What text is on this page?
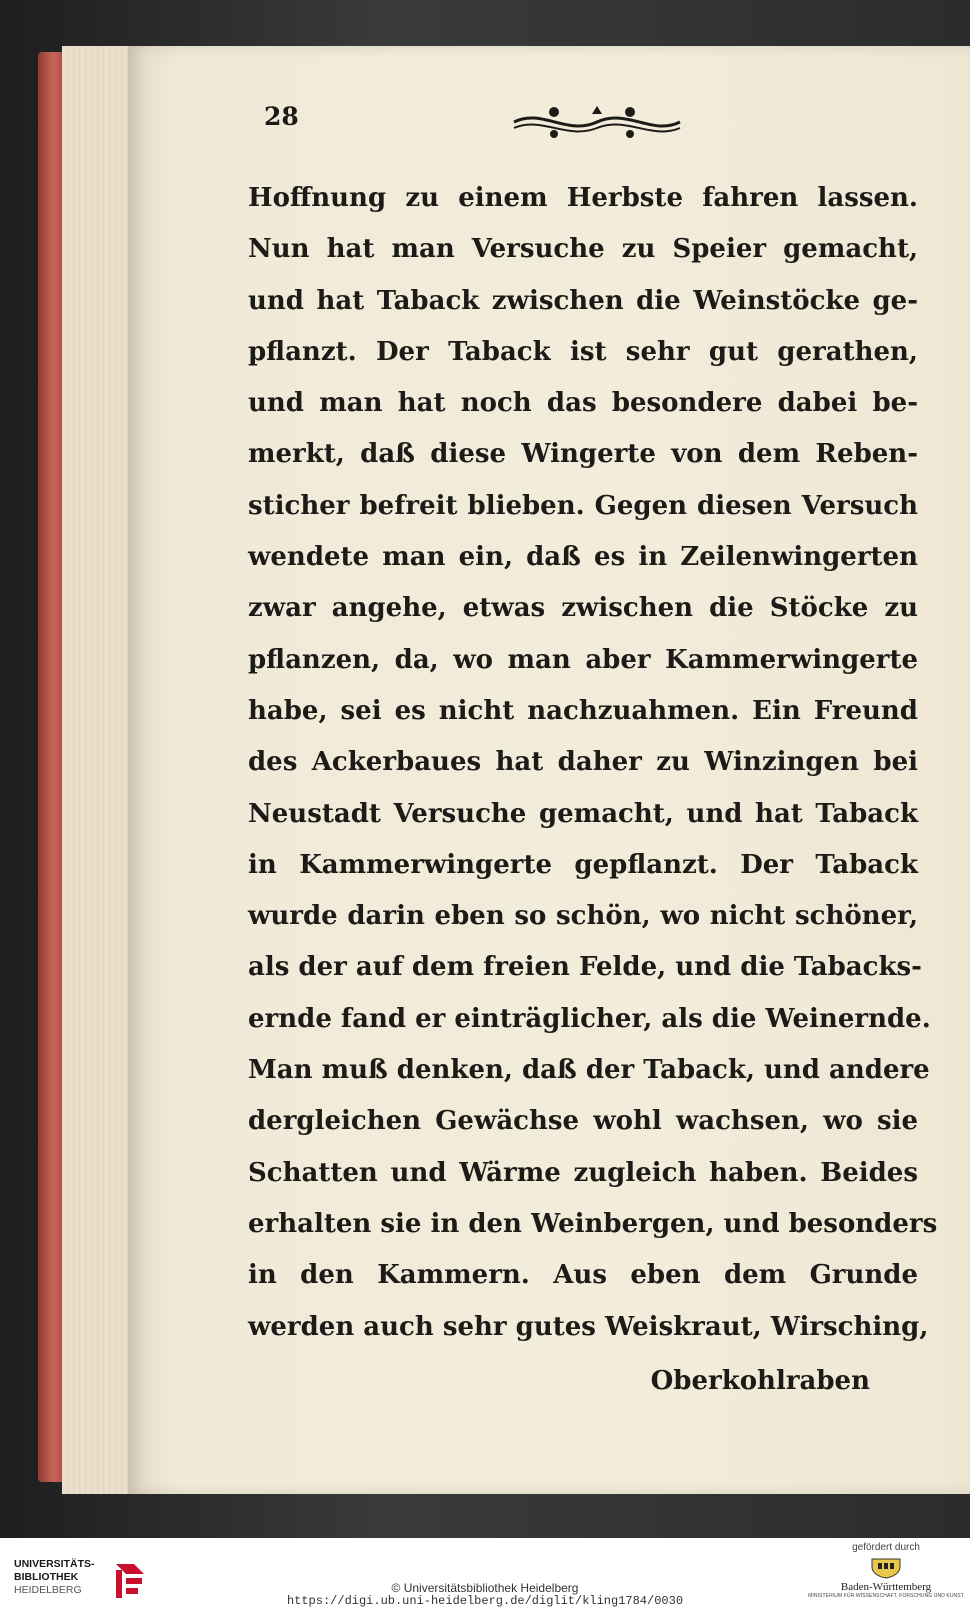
28

Hoffnung zu einem Herbste fahren lassen.
Nun hat man Versuche zu Speier gemacht,
und hat Taback zwischen die Weinstöcke ge-
pflanzt. Der Taback ist sehr gut gerathen,
und man hat noch das besondere dabei be-
merkt, daß diese Wingerte von dem Reben-
sticher befreit blieben. Gegen diesen Versuch
wendete man ein, daß es in Zeilenwingerten
zwar angehe, etwas zwischen die Stöcke zu
pflanzen, da, wo man aber Kammerwingerte
habe, sei es nicht nachzuahmen. Ein Freund
des Ackerbaues hat daher zu Winzingen bei
Neustadt Versuche gemacht, und hat Taback
in Kammerwingerte gepflanzt. Der Taback
wurde darin eben so schön, wo nicht schöner,
als der auf dem freien Felde, und die Tabacks-
ernde fand er einträglicher, als die Weinernde.
Man muß denken, daß der Taback, und andere
dergleichen Gewächse wohl wachsen, wo sie
Schatten und Wärme zugleich haben. Beides
erhalten sie in den Weinbergen, und besonders
in den Kammern. Aus eben dem Grunde
werden auch sehr gutes Weiskraut, Wirsching,

Oberkohlraben

UNIVERSITÄTS-
BIBLIOTHEK
HEIDELBERG	© Universitätsbibliothek Heidelberg
https://digi.ub.uni-heidelberg.de/diglit/kling1784/0030
gefördert durch
Baden-Württemberg
MINISTERIUM FÜR WISSENSCHAFT, FORSCHUNG UND KUNST
